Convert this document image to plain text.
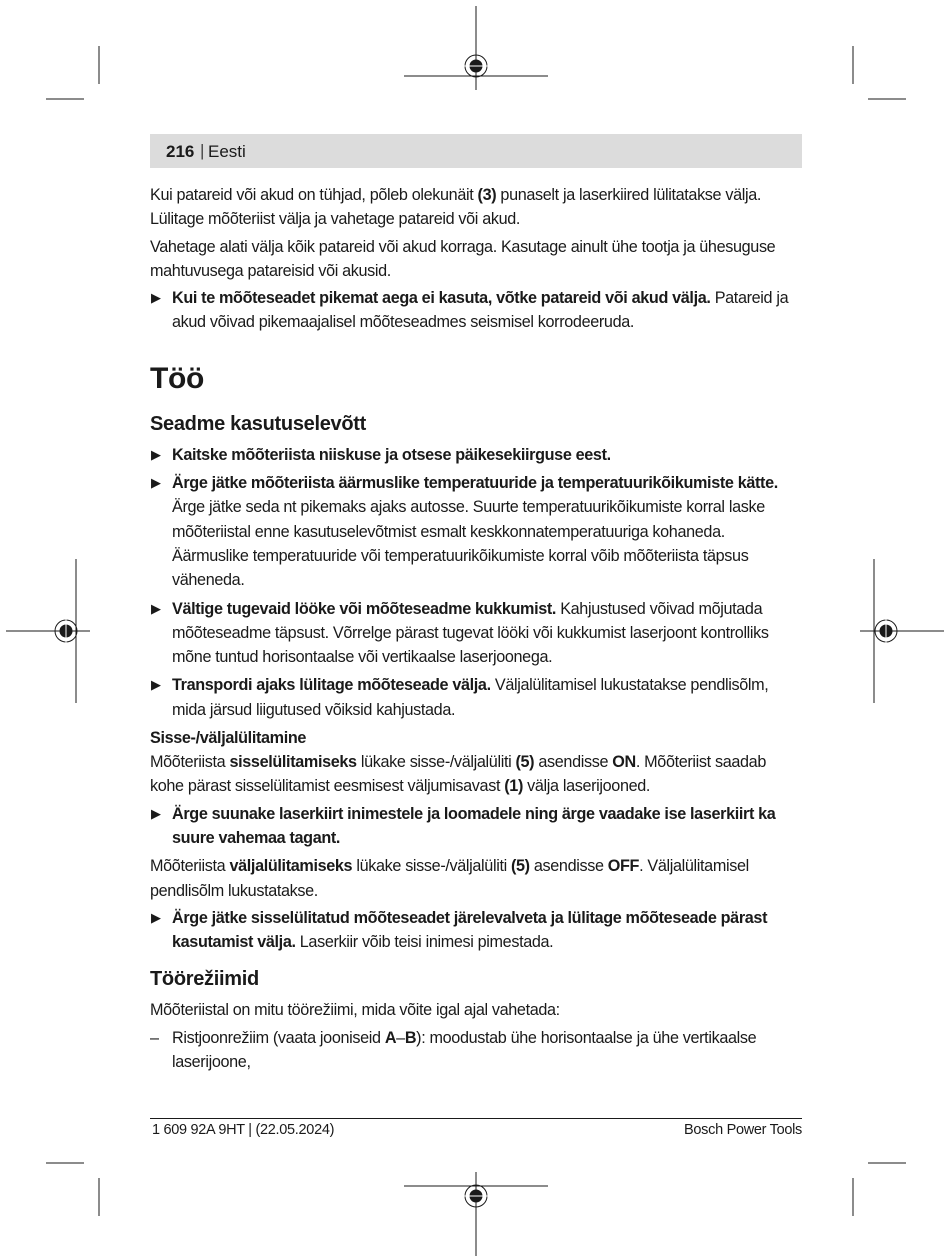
216 | Eesti

Kui patareid või akud on tühjad, põleb olekunäit (3) punaselt ja laserkiired lülitatakse välja. Lülitage mõõteriist välja ja vahetage patareid või akud.

Vahetage alati välja kõik patareid või akud korraga. Kasutage ainult ühe tootja ja ühesuguse mahtuvusega patareisid või akusid.

▶ Kui te mõõteseadet pikemat aega ei kasuta, võtke patareid või akud välja. Patareid ja akud võivad pikemaajalisel mõõteseadmes seismisel korrodeeruda.
Töö
Seadme kasutuselevõtt
▶ Kaitske mõõteriista niiskuse ja otsese päikesekiirguse eest.
▶ Ärge jätke mõõteriista äärmuslike temperatuuride ja temperatuurikõikumiste kätte. Ärge jätke seda nt pikemaks ajaks autosse. Suurte temperatuurikõikumiste korral laske mõõteriistal enne kasutuselevõtmist esmalt keskkonnatemperatuuriga kohaneda. Äärmuslike temperatuuride või temperatuurikõikumiste korral võib mõõteriista täpsus väheneda.
▶ Vältige tugevaid lööke või mõõteseadme kukkumist. Kahjustused võivad mõjutada mõõteseadme täpsust. Võrrelge pärast tugevat lööki või kukkumist laserjoont kontrolliks mõne tuntud horisontaalse või vertikaalse laserjoonega.
▶ Transpordi ajaks lülitage mõõteseade välja. Väljalülitamisel lukustatakse pendlisõlm, mida järsud liigutused võiksid kahjustada.
Sisse-/väljalülitamine

Mõõteriista sisselülitamiseks lükake sisse-/väljalüliti (5) asendisse ON. Mõõteriist saadab kohe pärast sisselülitamist eesmisest väljumisavast (1) välja laserijooned.

▶ Ärge suunake laserkiirt inimestele ja loomadele ning ärge vaadake ise laserkiirt ka suure vahemaa tagant.

Mõõteriista väljalülitamiseks lükake sisse-/väljalüliti (5) asendisse OFF. Väljalülitamisel pendlisõlm lukustatakse.

▶ Ärge jätke sisselülitatud mõõteseadet järelevalveta ja lülitage mõõteseade pärast kasutamist välja. Laserkiir võib teisi inimesi pimestada.
Töörežiimid

Mõõteriistal on mitu töörežiimi, mida võite igal ajal vahetada:

– Ristjoonrežiim (vaata jooniseid A–B): moodustab ühe horisontaalse ja ühe vertikaalse laserijoone,
1 609 92A 9HT | (22.05.2024)	Bosch Power Tools
